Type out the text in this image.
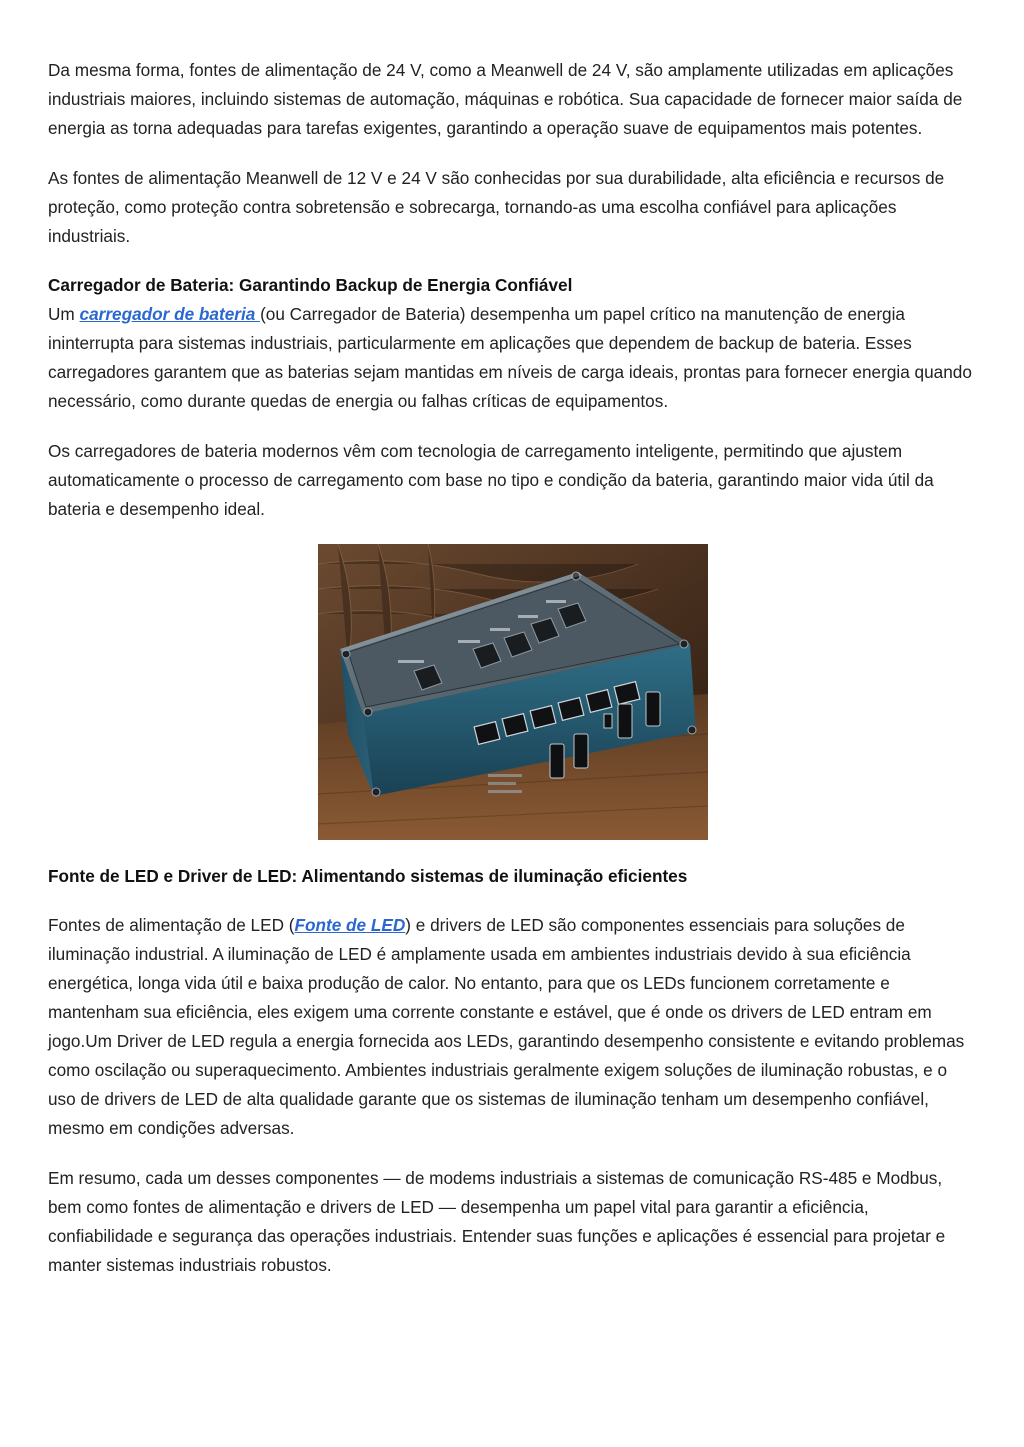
Da mesma forma, fontes de alimentação de 24 V, como a Meanwell de 24 V, são amplamente utilizadas em aplicações industriais maiores, incluindo sistemas de automação, máquinas e robótica. Sua capacidade de fornecer maior saída de energia as torna adequadas para tarefas exigentes, garantindo a operação suave de equipamentos mais potentes.

As fontes de alimentação Meanwell de 12 V e 24 V são conhecidas por sua durabilidade, alta eficiência e recursos de proteção, como proteção contra sobretensão e sobrecarga, tornando-as uma escolha confiável para aplicações industriais.

Carregador de Bateria: Garantindo Backup de Energia Confiável

Um carregador de bateria (ou Carregador de Bateria) desempenha um papel crítico na manutenção de energia ininterrupta para sistemas industriais, particularmente em aplicações que dependem de backup de bateria. Esses carregadores garantem que as baterias sejam mantidas em níveis de carga ideais, prontas para fornecer energia quando necessário, como durante quedas de energia ou falhas críticas de equipamentos.

Os carregadores de bateria modernos vêm com tecnologia de carregamento inteligente, permitindo que ajustem automaticamente o processo de carregamento com base no tipo e condição da bateria, garantindo maior vida útil da bateria e desempenho ideal.

Fonte de LED e Driver de LED: Alimentando sistemas de iluminação eficientes

Fontes de alimentação de LED (Fonte de LED) e drivers de LED são componentes essenciais para soluções de iluminação industrial. A iluminação de LED é amplamente usada em ambientes industriais devido à sua eficiência energética, longa vida útil e baixa produção de calor. No entanto, para que os LEDs funcionem corretamente e mantenham sua eficiência, eles exigem uma corrente constante e estável, que é onde os drivers de LED entram em jogo.Um Driver de LED regula a energia fornecida aos LEDs, garantindo desempenho consistente e evitando problemas como oscilação ou superaquecimento. Ambientes industriais geralmente exigem soluções de iluminação robustas, e o uso de drivers de LED de alta qualidade garante que os sistemas de iluminação tenham um desempenho confiável, mesmo em condições adversas.

Em resumo, cada um desses componentes — de modems industriais a sistemas de comunicação RS-485 e Modbus, bem como fontes de alimentação e drivers de LED — desempenha um papel vital para garantir a eficiência, confiabilidade e segurança das operações industriais. Entender suas funções e aplicações é essencial para projetar e manter sistemas industriais robustos.
